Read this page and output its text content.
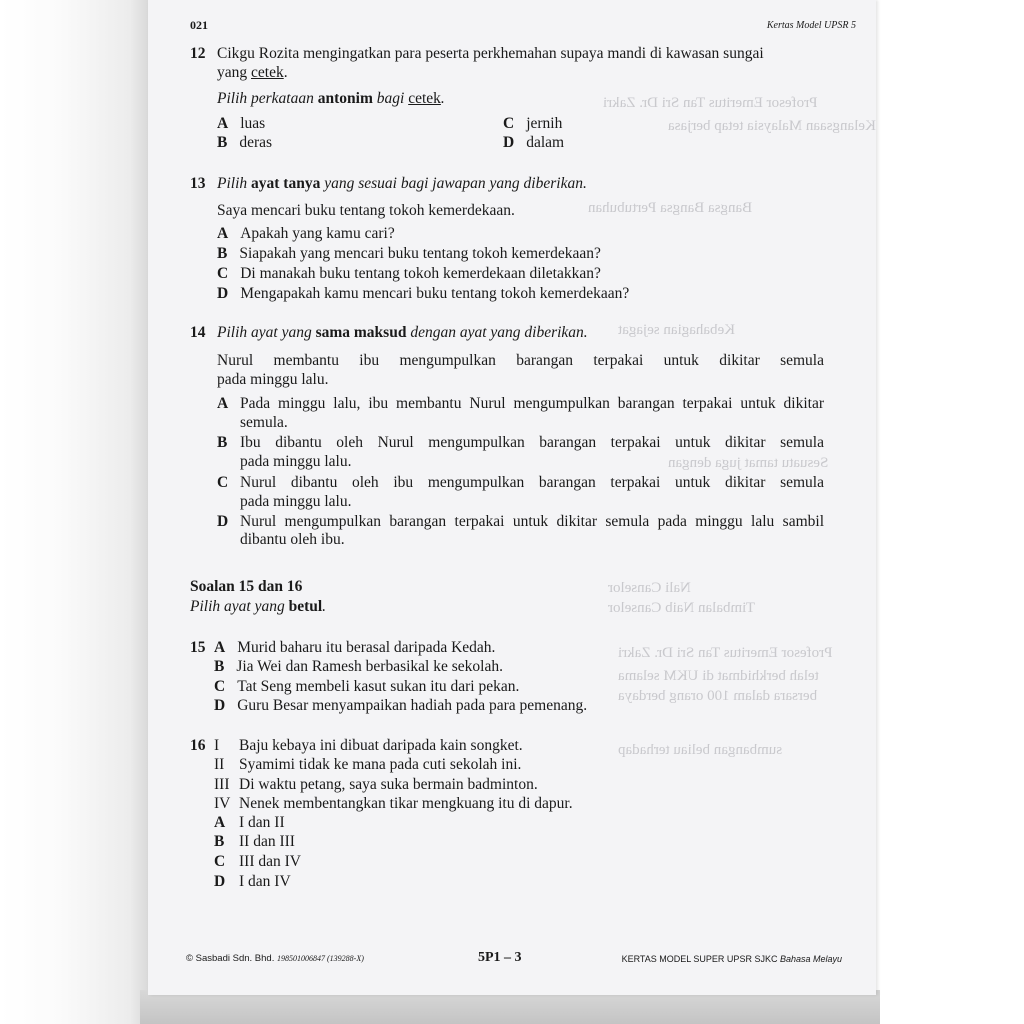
Profesor Emeritus Tan Sri Dr. Zakri
Kelangsaan Malaysia tetap berjasa
Bangsa Bangsa Pertubuhan
Kebahagian sejagat
Sesuatu tamat juga dengan
Nali Canselor
Timbalan Naib Canselor
Profesor Emeritus Tan Sri Dr. Zakri
telah berkhidmat di UKM selama
bersara dalam 100 orang berdaya
sumbangan beliau terhadap
021	Kertas Model UPSR 5
12 Cikgu Rozita mengingatkan para peserta perkhemahan supaya mandi di kawasan sungai
yang cetek.
Pilih perkataan antonim bagi cetek.
A luas
B deras
C jernih
D dalam
13 Pilih ayat tanya yang sesuai bagi jawapan yang diberikan.
Saya mencari buku tentang tokoh kemerdekaan.
A Apakah yang kamu cari?
B Siapakah yang mencari buku tentang tokoh kemerdekaan?
C Di manakah buku tentang tokoh kemerdekaan diletakkan?
D Mengapakah kamu mencari buku tentang tokoh kemerdekaan?
14 Pilih ayat yang sama maksud dengan ayat yang diberikan.
Nurul membantu ibu mengumpulkan barangan terpakai untuk dikitar semula
pada minggu lalu.
A Pada minggu lalu, ibu membantu Nurul mengumpulkan barangan terpakai untuk dikitar
semula.
B Ibu dibantu oleh Nurul mengumpulkan barangan terpakai untuk dikitar semula
pada minggu lalu.
C Nurul dibantu oleh ibu mengumpulkan barangan terpakai untuk dikitar semula
pada minggu lalu.
D Nurul mengumpulkan barangan terpakai untuk dikitar semula pada minggu lalu sambil
dibantu oleh ibu.
Soalan 15 dan 16
Pilih ayat yang betul.
15 A Murid baharu itu berasal daripada Kedah.
B Jia Wei dan Ramesh berbasikal ke sekolah.
C Tat Seng membeli kasut sukan itu dari pekan.
D Guru Besar menyampaikan hadiah pada para pemenang.
16 I Baju kebaya ini dibuat daripada kain songket.
II Syamimi tidak ke mana pada cuti sekolah ini.
III Di waktu petang, saya suka bermain badminton.
IV Nenek membentangkan tikar mengkuang itu di dapur.
A I dan II
B II dan III
C III dan IV
D I dan IV
© Sasbadi Sdn. Bhd. 198501006847 (139288-X)	5P1 – 3	KERTAS MODEL SUPER UPSR SJKC Bahasa Melayu
